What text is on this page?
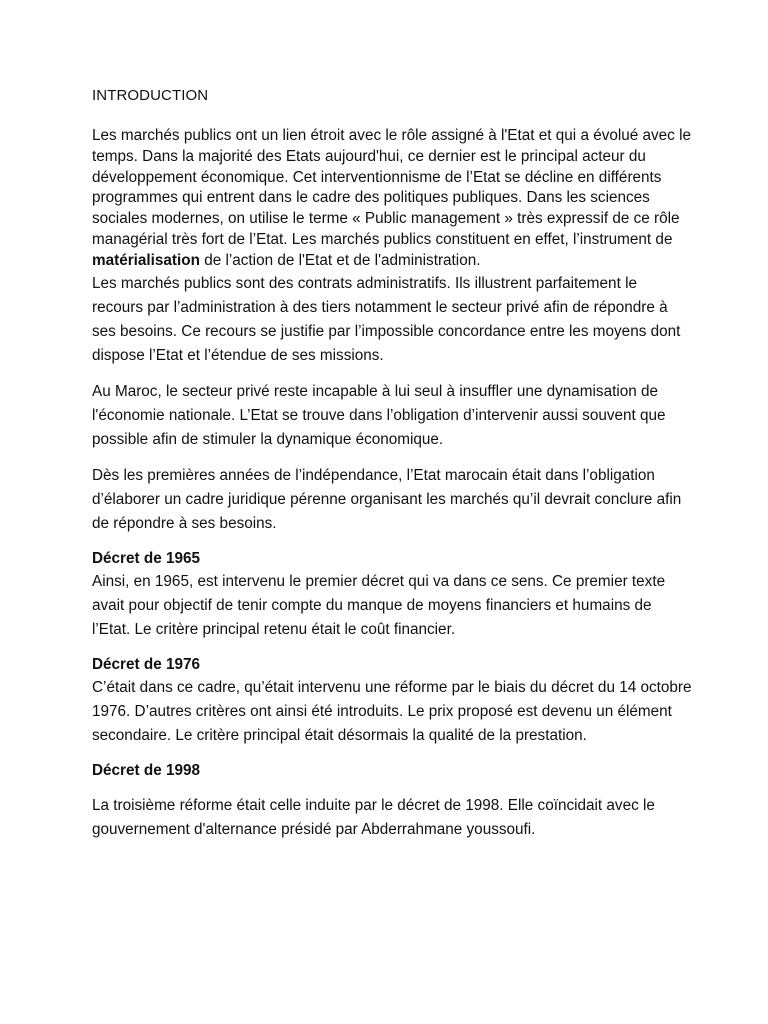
INTRODUCTION

Les marchés publics ont un lien étroit avec le rôle assigné à l'Etat et qui a évolué avec le temps. Dans la majorité des Etats aujourd'hui, ce dernier est le principal acteur du développement économique. Cet interventionnisme de l’Etat se décline en différents programmes qui entrent dans le cadre des politiques publiques. Dans les sciences sociales modernes, on utilise le terme « Public management » très expressif de ce rôle managérial très fort de l’Etat. Les marchés publics constituent en effet, l’instrument de matérialisation de l’action de l'Etat et de l'administration.

Les marchés publics sont des contrats administratifs. Ils illustrent parfaitement le recours par l’administration à des tiers notamment le secteur privé afin de répondre à ses besoins. Ce recours se justifie par l’impossible concordance entre les moyens dont dispose l’Etat et l’étendue de ses missions.

Au Maroc, le secteur privé reste incapable à lui seul à insuffler une dynamisation de l'économie nationale. L’Etat se trouve dans l’obligation d’intervenir aussi souvent que possible afin de stimuler la dynamique économique.

Dès les premières années de l’indépendance, l’Etat marocain était dans l’obligation d’élaborer un cadre juridique pérenne organisant les marchés qu’il devrait conclure afin de répondre à ses besoins.

Décret de 1965

Ainsi, en 1965, est intervenu le premier décret qui va dans ce sens. Ce premier texte avait pour objectif de tenir compte du manque de moyens financiers et humains de l’Etat. Le critère principal retenu était le coût financier.

Décret de 1976

C’était dans ce cadre, qu’était intervenu une réforme par le biais du décret du 14 octobre 1976. D’autres critères ont ainsi été introduits. Le prix proposé est devenu un élément secondaire. Le critère principal était désormais la qualité de la prestation.

Décret de 1998

La troisième réforme était celle induite par le décret de 1998. Elle coïncidait avec le gouvernement d'alternance présidé par Abderrahmane youssoufi.
